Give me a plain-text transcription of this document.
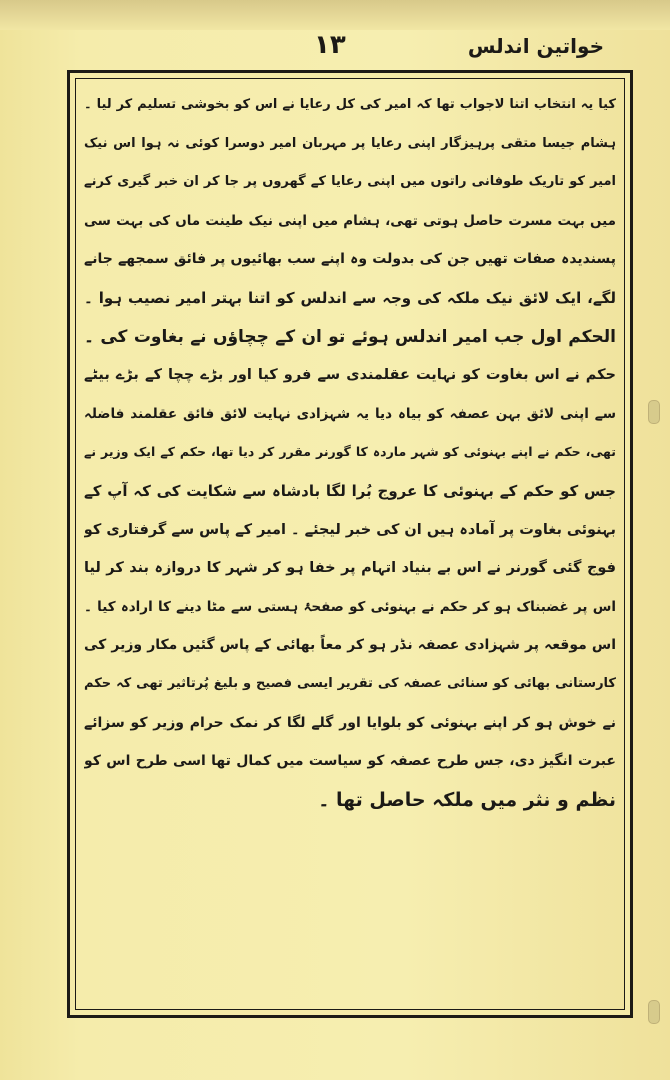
خواتین اندلس
۱۳
کیا یہ انتخاب اتنا لاجواب تھا کہ امیر کی کل رعایا نے اس کو بخوشی تسلیم کر لیا ۔
ہشام جیسا متقی پرہیزگار اپنی رعایا پر مہربان امیر دوسرا کوئی نہ ہوا اس نیک
امیر کو تاریک طوفانی راتوں میں اپنی رعایا کے گھروں پر جا کر ان خبر گیری کرنے
میں بہت مسرت حاصل ہوتی تھی، ہشام میں اپنی نیک طینت ماں کی بہت سی
پسندیدہ صفات تھیں جن کی بدولت وہ اپنے سب بھائیوں پر فائق سمجھے جانے
لگے، ایک لائق نیک ملکہ کی وجہ سے اندلس کو اتنا بہتر امیر نصیب ہوا ۔
الحکم اول جب امیر اندلس ہوئے تو ان کے چچاؤں نے بغاوت کی ۔
حکم نے اس بغاوت کو نہایت عقلمندی سے فرو کیا اور بڑے چچا کے بڑے بیٹے
سے اپنی لائق بہن عصفہ کو بیاہ دیا یہ شہزادی نہایت لائق فائق عقلمند فاضلہ
تھی، حکم نے اپنے بہنوئی کو شہر ماردہ کا گورنر مقرر کر دیا تھا، حکم کے ایک وزیر نے
جس کو حکم کے بہنوئی کا عروج بُرا لگا بادشاہ سے شکایت کی کہ آپ کے
بہنوئی بغاوت پر آمادہ ہیں ان کی خبر لیجئے ۔ امیر کے پاس سے گرفتاری کو
فوج گئی گورنر نے اس بے بنیاد اتہام پر خفا ہو کر شہر کا دروازہ بند کر لیا
اس پر غضبناک ہو کر حکم نے بہنوئی کو صفحۂ ہستی سے مٹا دینے کا ارادہ کیا ۔
اس موقعہ پر شہزادی عصفہ نڈر ہو کر معاً بھائی کے پاس گئیں مکار وزیر کی
کارستانی بھائی کو سنائی عصفہ کی تقریر ایسی فصیح و بلیغ پُرتاثیر تھی کہ حکم
نے خوش ہو کر اپنے بہنوئی کو بلوایا اور گلے لگا کر نمک حرام وزیر کو سزائے
عبرت انگیز دی، جس طرح عصفہ کو سیاست میں کمال تھا اسی طرح اس کو
نظم و نثر میں ملکہ حاصل تھا ۔
